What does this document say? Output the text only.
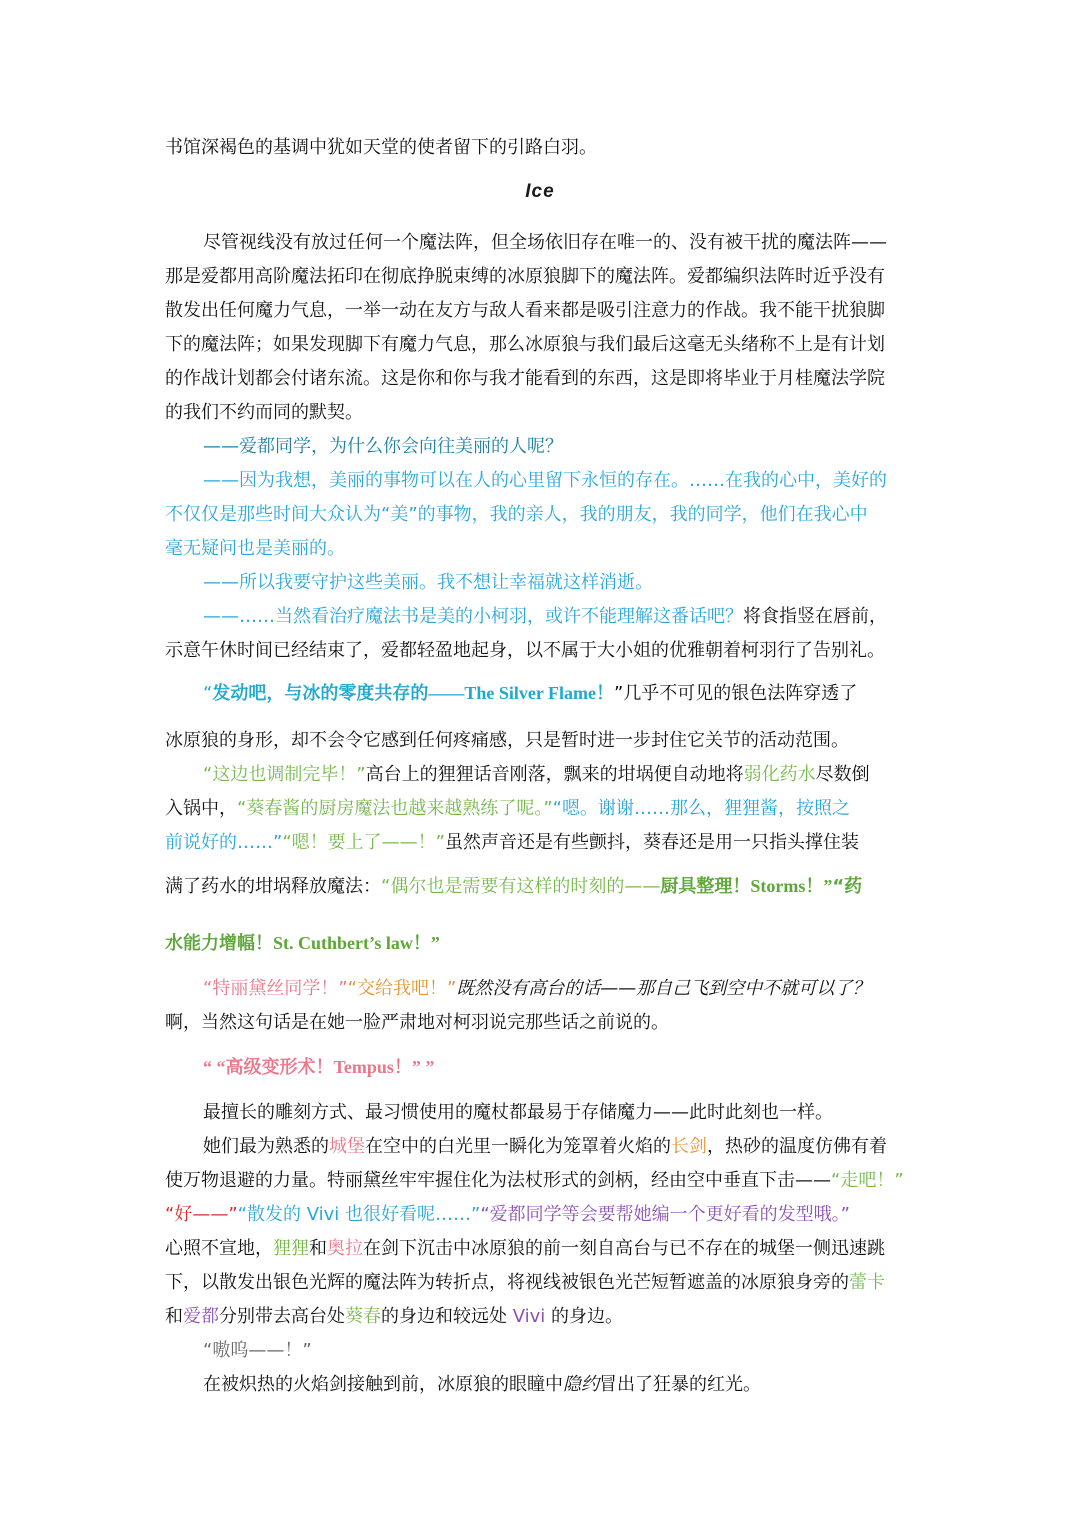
书馆深褐色的基调中犹如天堂的使者留下的引路白羽。
Ice
尽管视线没有放过任何一个魔法阵，但全场依旧存在唯一的、没有被干扰的魔法阵——
那是爱都用高阶魔法拓印在彻底挣脱束缚的冰原狼脚下的魔法阵。爱都编织法阵时近乎没有
散发出任何魔力气息，一举一动在友方与敌人看来都是吸引注意力的作战。我不能干扰狼脚
下的魔法阵；如果发现脚下有魔力气息，那么冰原狼与我们最后这毫无头绪称不上是有计划
的作战计划都会付诸东流。这是你和你与我才能看到的东西，这是即将毕业于月桂魔法学院
的我们不约而同的默契。
——爱都同学，为什么你会向往美丽的人呢？
——因为我想，美丽的事物可以在人的心里留下永恒的存在。……在我的心中，美好的
不仅仅是那些时间大众认为“美”的事物，我的亲人，我的朋友，我的同学，他们在我心中
毫无疑问也是美丽的。
——所以我要守护这些美丽。我不想让幸福就这样消逝。
——……当然看治疗魔法书是美的小柯羽，或许不能理解这番话吧？将食指竖在唇前，
示意午休时间已经结束了，爱都轻盈地起身，以不属于大小姐的优雅朝着柯羽行了告别礼。
“发动吧，与冰的零度共存的——The Silver Flame！”几乎不可见的银色法阵穿透了
冰原狼的身形，却不会令它感到任何疼痛感，只是暂时进一步封住它关节的活动范围。
“这边也调制完毕！”高台上的狸狸话音刚落，飘来的坩埚便自动地将弱化药水尽数倒
入锅中，“葵春酱的厨房魔法也越来越熟练了呢。”“嗯。谢谢……那么，狸狸酱，按照之
前说好的……”“嗯！要上了——！”虽然声音还是有些颤抖，葵春还是用一只指头撑住装
满了药水的坩埚释放魔法：“偶尔也是需要有这样的时刻的——厨具整理！Storms！”“药
水能力增幅！St. Cuthbert’s law！”
“特丽黛丝同学！”“交给我吧！”既然没有高台的话——那自己飞到空中不就可以了？
啊，当然这句话是在她一脸严肃地对柯羽说完那些话之前说的。
“ “高级变形术！Tempus！” ”
最擅长的雕刻方式、最习惯使用的魔杖都最易于存储魔力——此时此刻也一样。
她们最为熟悉的城堡在空中的白光里一瞬化为笼罩着火焰的长剑，热砂的温度仿佛有着
使万物退避的力量。特丽黛丝牢牢握住化为法杖形式的剑柄，经由空中垂直下击——“走吧！”
“好——”“散发的 Vivi 也很好看呢……”“爱都同学等会要帮她编一个更好看的发型哦。”
心照不宣地，狸狸和奥拉在剑下沉击中冰原狼的前一刻自高台与已不存在的城堡一侧迅速跳
下，以散发出银色光辉的魔法阵为转折点，将视线被银色光芒短暂遮盖的冰原狼身旁的蕾卡
和爱都分别带去高台处葵春的身边和较远处 Vivi 的身边。
“嗷呜——！”
在被炽热的火焰剑接触到前，冰原狼的眼瞳中隐约冒出了狂暴的红光。
